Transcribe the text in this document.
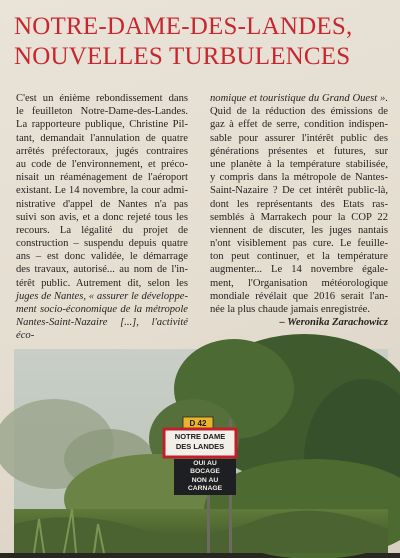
NOTRE-DAME-DES-LANDES,
NOUVELLES TURBULENCES
C'est un énième rebondissement dans
le feuilleton Notre-Dame-des-Landes.
La rapporteure publique, Christine Pil-
tant, demandait l'annulation de quatre
arrêtés préfectoraux, jugés contraires
au code de l'environnement, et préco-
nisait un réaménagement de l'aéroport
existant. Le 14 novembre, la cour admi-
nistrative d'appel de Nantes n'a pas
suivi son avis, et a donc rejeté tous les
recours. La légalité du projet de
construction – suspendu depuis quatre
ans – est donc validée, le démarrage
des travaux, autorisé... au nom de l'in-
térêt public. Autrement dit, selon les
juges de Nantes, « assurer le développe-
ment socio-économique de la métropole
Nantes-Saint-Nazaire [...], l'activité éco-
nomique et touristique du Grand Ouest ».
Quid de la réduction des émissions de
gaz à effet de serre, condition indispen-
sable pour assurer l'intérêt public des
générations présentes et futures, sur
une planète à la température stabilisée,
y compris dans la métropole de Nantes-
Saint-Nazaire ? De cet intérêt public-là,
dont les représentants des Etats ras-
semblés à Marrakech pour la COP 22
viennent de discuter, les juges nantais
n'ont visiblement pas cure. Le feuille-
ton peut continuer, et la température
augmenter... Le 14 novembre égale-
ment, l'Organisation météorologique
mondiale révélait que 2016 serait l'an-
née la plus chaude jamais enregistrée.
– Weronika Zarachowicz
D 42
NOTRE DAME
DES LANDES
OUI AU
BOCAGE
NON AU
CARNAGE
